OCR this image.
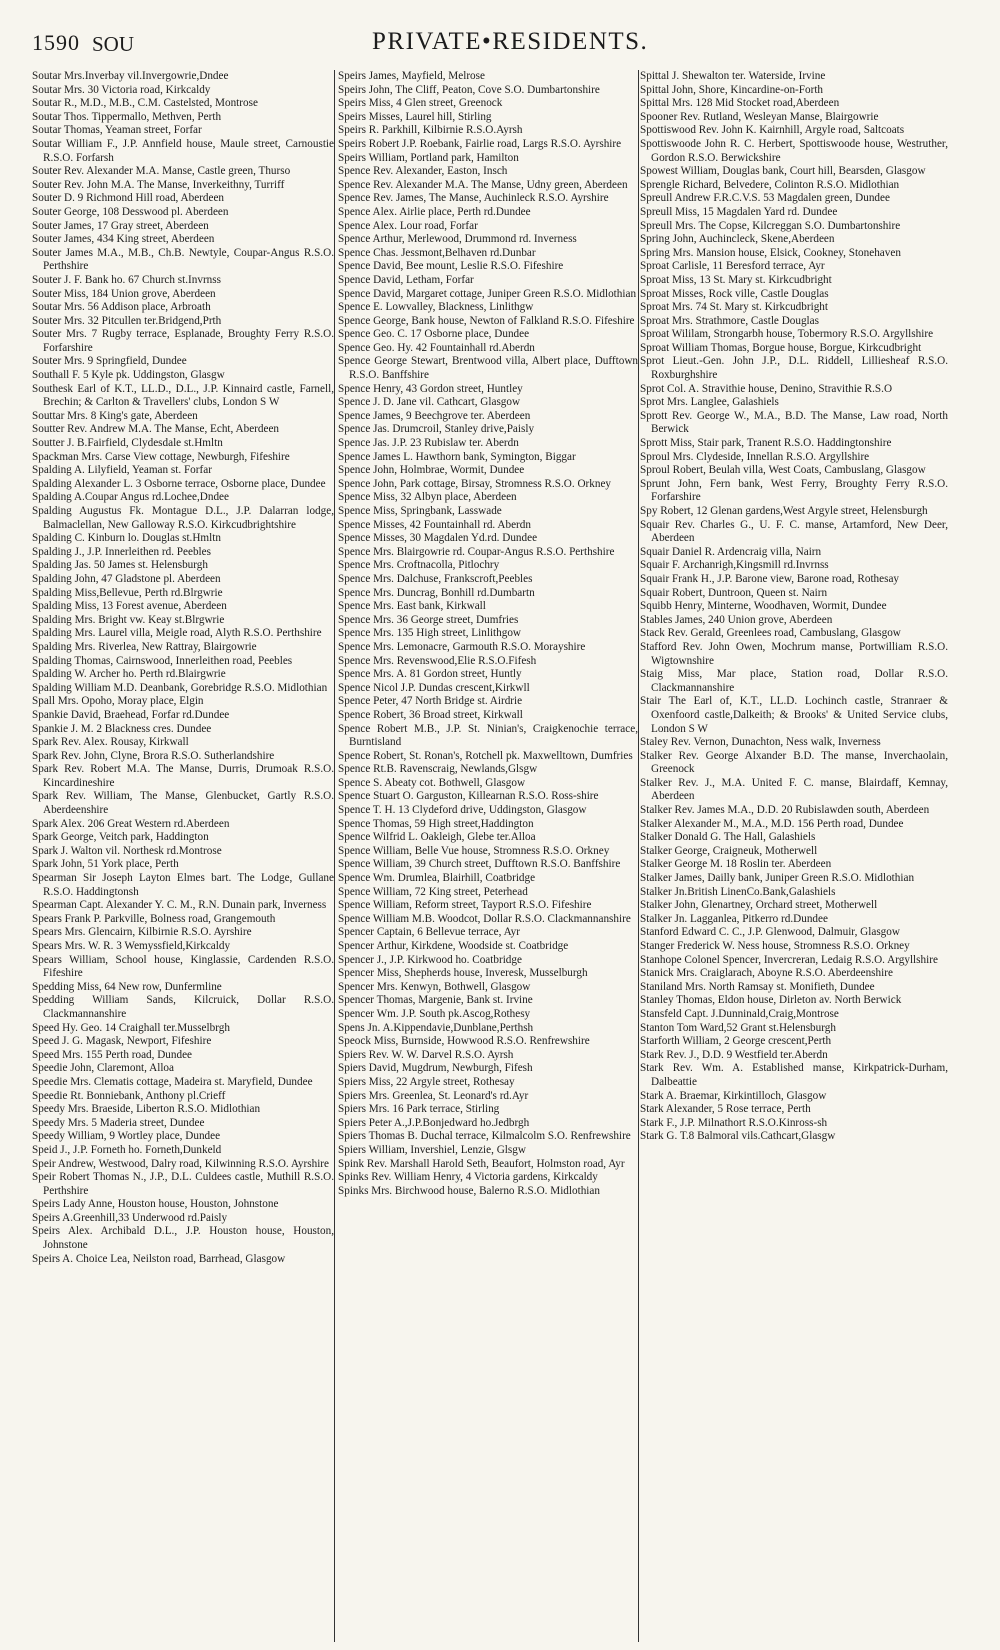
1590 SOU	PRIVATE•RESIDENTS.
Soutar Mrs.Inverbay vil.Invergowrie,Dndee
Soutar Mrs. 30 Victoria road, Kirkcaldy
Soutar R., M.D., M.B., C.M. Castelsted, Montrose
Soutar Thos. Tippermallo, Methven, Perth
Soutar Thomas, Yeaman street, Forfar
Soutar William F., J.P. Annfield house, Maule street, Carnoustie R.S.O. Forfarsh
Souter Rev. Alexander M.A. Manse, Castle green, Thurso
Souter Rev. John M.A. The Manse, Inverkeithny, Turriff
Souter D. 9 Richmond Hill road, Aberdeen
Souter George, 108 Desswood pl. Aberdeen
Souter James, 17 Gray street, Aberdeen
Souter James, 434 King street, Aberdeen
Souter James M.A., M.B., Ch.B. Newtyle, Coupar-Angus R.S.O. Perthshire
Souter J. F. Bank ho. 67 Church st.Invrnss
Souter Miss, 184 Union grove, Aberdeen
Soutar Mrs. 56 Addison place, Arbroath
Souter Mrs. 32 Pitcullen ter.Bridgend,Prth
Souter Mrs. 7 Rugby terrace, Esplanade, Broughty Ferry R.S.O. Forfarshire
Souter Mrs. 9 Springfield, Dundee
Southall F. 5 Kyle pk. Uddingston, Glasgw
Southesk Earl of K.T., LL.D., D.L., J.P. Kinnaird castle, Farnell, Brechin; & Carlton & Travellers' clubs, London S W
Souttar Mrs. 8 King's gate, Aberdeen
Soutter Rev. Andrew M.A. The Manse, Echt, Aberdeen
Soutter J. B.Fairfield, Clydesdale st.Hmltn
Spackman Mrs. Carse View cottage, Newburgh, Fifeshire
Spalding A. Lilyfield, Yeaman st. Forfar
Spalding Alexander L. 3 Osborne terrace, Osborne place, Dundee
Spalding A.Coupar Angus rd.Lochee,Dndee
Spalding Augustus Fk. Montague D.L., J.P. Dalarran lodge, Balmaclellan, New Galloway R.S.O. Kirkcudbrightshire
Spalding C. Kinburn lo. Douglas st.Hmltn
Spalding J., J.P. Innerleithen rd. Peebles
Spalding Jas. 50 James st. Helensburgh
Spalding John, 47 Gladstone pl. Aberdeen
Spalding Miss,Bellevue, Perth rd.Blrgwrie
Spalding Miss, 13 Forest avenue, Aberdeen
Spalding Mrs. Bright vw. Keay st.Blrgwrie
Spalding Mrs. Laurel villa, Meigle road, Alyth R.S.O. Perthshire
Spalding Mrs. Riverlea, New Rattray, Blairgowrie
Spalding Thomas, Cairnswood, Innerleithen road, Peebles
Spalding W. Archer ho. Perth rd.Blairgwrie
Spalding William M.D. Deanbank, Gorebridge R.S.O. Midlothian
Spall Mrs. Opoho, Moray place, Elgin
Spankie David, Braehead, Forfar rd.Dundee
Spankie J. M. 2 Blackness cres. Dundee
Spark Rev. Alex. Rousay, Kirkwall
Spark Rev. John, Clyne, Brora R.S.O. Sutherlandshire
Spark Rev. Robert M.A. The Manse, Durris, Drumoak R.S.O. Kincardineshire
Spark Rev. William, The Manse, Glenbucket, Gartly R.S.O. Aberdeenshire
Spark Alex. 206 Great Western rd.Aberdeen
Spark George, Veitch park, Haddington
Spark J. Walton vil. Northesk rd.Montrose
Spark John, 51 York place, Perth
Spearman Sir Joseph Layton Elmes bart. The Lodge, Gullane R.S.O. Haddingtonsh
Spearman Capt. Alexander Y. C. M., R.N. Dunain park, Inverness
Spears Frank P. Parkville, Bolness road, Grangemouth
Spears Mrs. Glencairn, Kilbirnie R.S.O. Ayrshire
Spears Mrs. W. R. 3 Wemyssfield,Kirkcaldy
Spears William, School house, Kinglassie, Cardenden R.S.O. Fifeshire
Spedding Miss, 64 New row, Dunfermline
Spedding William Sands, Kilcruick, Dollar R.S.O. Clackmannanshire
Speed Hy. Geo. 14 Craighall ter.Musselbrgh
Speed J. G. Magask, Newport, Fifeshire
Speed Mrs. 155 Perth road, Dundee
Speedie John, Claremont, Alloa
Speedie Mrs. Clematis cottage, Madeira st. Maryfield, Dundee
Speedie Rt. Bonniebank, Anthony pl.Crieff
Speedy Mrs. Braeside, Liberton R.S.O. Midlothian
Speedy Mrs. 5 Maderia street, Dundee
Speedy William, 9 Wortley place, Dundee
Speid J., J.P. Forneth ho. Forneth,Dunkeld
Speir Andrew, Westwood, Dalry road, Kilwinning R.S.O. Ayrshire
Speir Robert Thomas N., J.P., D.L. Culdees castle, Muthill R.S.O. Perthshire
Speirs Lady Anne, Houston house, Houston, Johnstone
Speirs A.Greenhill,33 Underwood rd.Paisly
Speirs Alex. Archibald D.L., J.P. Houston house, Houston, Johnstone
Speirs A. Choice Lea, Neilston road, Barrhead, Glasgow
Speirs James, Mayfield, Melrose
Speirs John, The Cliff, Peaton, Cove S.O. Dumbartonshire
Speirs Miss, 4 Glen street, Greenock
Speirs Misses, Laurel hill, Stirling
Speirs R. Parkhill, Kilbirnie R.S.O.Ayrsh
Speirs Robert J.P. Roebank, Fairlie road, Largs R.S.O. Ayrshire
Speirs William, Portland park, Hamilton
Spence Rev. Alexander, Easton, Insch
Spence Rev. Alexander M.A. The Manse, Udny green, Aberdeen
Spence Rev. James, The Manse, Auchinleck R.S.O. Ayrshire
Spence Alex. Airlie place, Perth rd.Dundee
Spence Alex. Lour road, Forfar
Spence Arthur, Merlewood, Drummond rd. Inverness
Spence Chas. Jessmont,Belhaven rd.Dunbar
Spence David, Bee mount, Leslie R.S.O. Fifeshire
Spence David, Letham, Forfar
Spence David, Margaret cottage, Juniper Green R.S.O. Midlothian
Spence E. Lowvalley, Blackness, Linlithgw
Spence George, Bank house, Newton of Falkland R.S.O. Fifeshire
Spence Geo. C. 17 Osborne place, Dundee
Spence Geo. Hy. 42 Fountainhall rd.Aberdn
Spence George Stewart, Brentwood villa, Albert place, Dufftown R.S.O. Banffshire
Spence Henry, 43 Gordon street, Huntley
Spence J. D. Jane vil. Cathcart, Glasgow
Spence James, 9 Beechgrove ter. Aberdeen
Spence Jas. Drumcroil, Stanley drive,Paisly
Spence Jas. J.P. 23 Rubislaw ter. Aberdn
Spence James L. Hawthorn bank, Symington, Biggar
Spence John, Holmbrae, Wormit, Dundee
Spence John, Park cottage, Birsay, Stromness R.S.O. Orkney
Spence Miss, 32 Albyn place, Aberdeen
Spence Miss, Springbank, Lasswade
Spence Misses, 42 Fountainhall rd. Aberdn
Spence Misses, 30 Magdalen Yd.rd. Dundee
Spence Mrs. Blairgowrie rd. Coupar-Angus R.S.O. Perthshire
Spence Mrs. Croftnacolla, Pitlochry
Spence Mrs. Dalchuse, Frankscroft,Peebles
Spence Mrs. Duncrag, Bonhill rd.Dumbartn
Spence Mrs. East bank, Kirkwall
Spence Mrs. 36 George street, Dumfries
Spence Mrs. 135 High street, Linlithgow
Spence Mrs. Lemonacre, Garmouth R.S.O. Morayshire
Spence Mrs. Revenswood,Elie R.S.O.Fifesh
Spence Mrs. A. 81 Gordon street, Huntly
Spence Nicol J.P. Dundas crescent,Kirkwll
Spence Peter, 47 North Bridge st. Airdrie
Spence Robert, 36 Broad street, Kirkwall
Spence Robert M.B., J.P. St. Ninian's, Craigkenochie terrace, Burntisland
Spence Robert, St. Ronan's, Rotchell pk. Maxwelltown, Dumfries
Spence Rt.B. Ravenscraig, Newlands,Glsgw
Spence S. Abeaty cot. Bothwell, Glasgow
Spence Stuart O. Garguston, Killearnan R.S.O. Ross-shire
Spence T. H. 13 Clydeford drive, Uddingston, Glasgow
Spence Thomas, 59 High street,Haddington
Spence Wilfrid L. Oakleigh, Glebe ter.Alloa
Spence William, Belle Vue house, Stromness R.S.O. Orkney
Spence William, 39 Church street, Dufftown R.S.O. Banffshire
Spence Wm. Drumlea, Blairhill, Coatbridge
Spence William, 72 King street, Peterhead
Spence William, Reform street, Tayport R.S.O. Fifeshire
Spence William M.B. Woodcot, Dollar R.S.O. Clackmannanshire
Spencer Captain, 6 Bellevue terrace, Ayr
Spencer Arthur, Kirkdene, Woodside st. Coatbridge
Spencer J., J.P. Kirkwood ho. Coatbridge
Spencer Miss, Shepherds house, Inveresk, Musselburgh
Spencer Mrs. Kenwyn, Bothwell, Glasgow
Spencer Thomas, Margenie, Bank st. Irvine
Spencer Wm. J.P. South pk.Ascog,Rothesy
Spens Jn. A.Kippendavie,Dunblane,Perthsh
Speock Miss, Burnside, Howwood R.S.O. Renfrewshire
Spiers Rev. W. W. Darvel R.S.O. Ayrsh
Spiers David, Mugdrum, Newburgh, Fifesh
Spiers Miss, 22 Argyle street, Rothesay
Spiers Mrs. Greenlea, St. Leonard's rd.Ayr
Spiers Mrs. 16 Park terrace, Stirling
Spiers Peter A.,J.P.Bonjedward ho.Jedbrgh
Spiers Thomas B. Duchal terrace, Kilmalcolm S.O. Renfrewshire
Spiers William, Invershiel, Lenzie, Glsgw
Spink Rev. Marshall Harold Seth, Beaufort, Holmston road, Ayr
Spinks Rev. William Henry, 4 Victoria gardens, Kirkcaldy
Spinks Mrs. Birchwood house, Balerno R.S.O. Midlothian
Spittal J. Shewalton ter. Waterside, Irvine
Spittal John, Shore, Kincardine-on-Forth
Spittal Mrs. 128 Mid Stocket road,Aberdeen
Spooner Rev. Rutland, Wesleyan Manse, Blairgowrie
Spottiswood Rev. John K. Kairnhill, Argyle road, Saltcoats
Spottiswoode John R. C. Herbert, Spottiswoode house, Westruther, Gordon R.S.O. Berwickshire
Spowest William, Douglas bank, Court hill, Bearsden, Glasgow
Sprengle Richard, Belvedere, Colinton R.S.O. Midlothian
Spreull Andrew F.R.C.V.S. 53 Magdalen green, Dundee
Spreull Miss, 15 Magdalen Yard rd. Dundee
Spreull Mrs. The Copse, Kilcreggan S.O. Dumbartonshire
Spring John, Auchincleck, Skene,Aberdeen
Spring Mrs. Mansion house, Elsick, Cookney, Stonehaven
Sproat Carlisle, 11 Beresford terrace, Ayr
Sproat Miss, 13 St. Mary st. Kirkcudbright
Sproat Misses, Rock ville, Castle Douglas
Sproat Mrs. 74 St. Mary st. Kirkcudbright
Sproat Mrs. Strathmore, Castle Douglas
Sproat Wililam, Strongarbh house, Tobermory R.S.O. Argyllshire
Sproat William Thomas, Borgue house, Borgue, Kirkcudbright
Sprot Lieut.-Gen. John J.P., D.L. Riddell, Lilliesheaf R.S.O. Roxburghshire
Sprot Col. A. Stravithie house, Denino, Stravithie R.S.O
Sprot Mrs. Langlee, Galashiels
Sprott Rev. George W., M.A., B.D. The Manse, Law road, North Berwick
Sprott Miss, Stair park, Tranent R.S.O. Haddingtonshire
Sproul Mrs. Clydeside, Innellan R.S.O. Argyllshire
Sproul Robert, Beulah villa, West Coats, Cambuslang, Glasgow
Sprunt John, Fern bank, West Ferry, Broughty Ferry R.S.O. Forfarshire
Spy Robert, 12 Glenan gardens,West Argyle street, Helensburgh
Squair Rev. Charles G., U. F. C. manse, Artamford, New Deer, Aberdeen
Squair Daniel R. Ardencraig villa, Nairn
Squair F. Archanrigh,Kingsmill rd.Invrnss
Squair Frank H., J.P. Barone view, Barone road, Rothesay
Squair Robert, Duntroon, Queen st. Nairn
Squibb Henry, Minterne, Woodhaven, Wormit, Dundee
Stables James, 240 Union grove, Aberdeen
Stack Rev. Gerald, Greenlees road, Cambuslang, Glasgow
Stafford Rev. John Owen, Mochrum manse, Portwilliam R.S.O. Wigtownshire
Staig Miss, Mar place, Station road, Dollar R.S.O. Clackmannanshire
Stair The Earl of, K.T., LL.D. Lochinch castle, Stranraer & Oxenfoord castle,Dalkeith; & Brooks' & United Service clubs, London S W
Staley Rev. Vernon, Dunachton, Ness walk, Inverness
Stalker Rev. George Alxander B.D. The manse, Inverchaolain, Greenock
Stalker Rev. J., M.A. United F. C. manse, Blairdaff, Kemnay, Aberdeen
Stalker Rev. James M.A., D.D. 20 Rubislawden south, Aberdeen
Stalker Alexander M., M.A., M.D. 156 Perth road, Dundee
Stalker Donald G. The Hall, Galashiels
Stalker George, Craigneuk, Motherwell
Stalker George M. 18 Roslin ter. Aberdeen
Stalker James, Dailly bank, Juniper Green R.S.O. Midlothian
Stalker Jn.British LinenCo.Bank,Galashiels
Stalker John, Glenartney, Orchard street, Motherwell
Stalker Jn. Lagganlea, Pitkerro rd.Dundee
Stanford Edward C. C., J.P. Glenwood, Dalmuir, Glasgow
Stanger Frederick W. Ness house, Stromness R.S.O. Orkney
Stanhope Colonel Spencer, Invercreran, Ledaig R.S.O. Argyllshire
Stanick Mrs. Craiglarach, Aboyne R.S.O. Aberdeenshire
Staniland Mrs. North Ramsay st. Monifieth, Dundee
Stanley Thomas, Eldon house, Dirleton av. North Berwick
Stansfeld Capt. J.Dunninald,Craig,Montrose
Stanton Tom Ward,52 Grant st.Helensburgh
Starforth William, 2 George crescent,Perth
Stark Rev. J., D.D. 9 Westfield ter.Aberdn
Stark Rev. Wm. A. Established manse, Kirkpatrick-Durham, Dalbeattie
Stark A. Braemar, Kirkintilloch, Glasgow
Stark Alexander, 5 Rose terrace, Perth
Stark F., J.P. Milnathort R.S.O.Kinross-sh
Stark G. T.8 Balmoral vils.Cathcart,Glasgw
